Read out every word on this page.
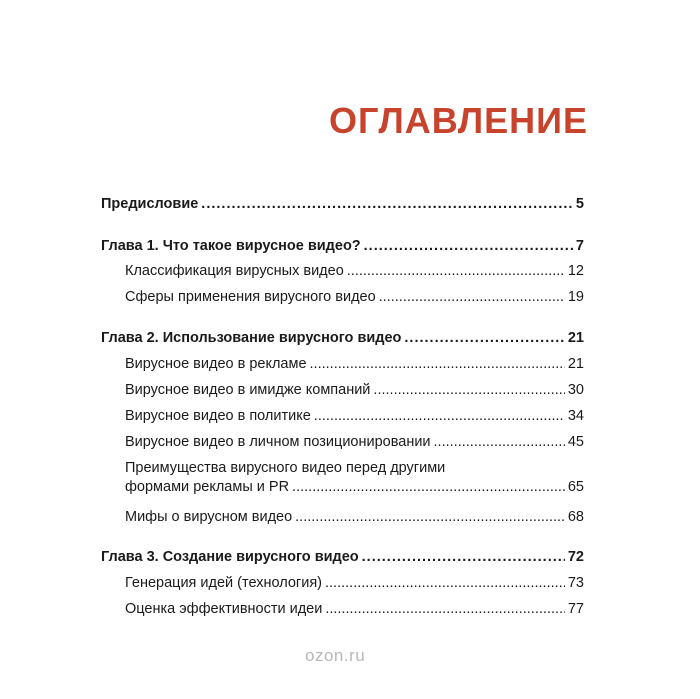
ОГЛАВЛЕНИЕ
Предисловие .....	5
Глава 1. Что такое вирусное видео? .....	7
Классификация вирусных видео .....	12
Сферы применения вирусного видео .....	19
Глава 2. Использование вирусного видео .....	21
Вирусное видео в рекламе .....	21
Вирусное видео в имидже компаний .....	30
Вирусное видео в политике .....	34
Вирусное видео в личном позиционировании .....	45
Преимущества вирусного видео перед другими
формами рекламы и PR .....	65
Мифы о вирусном видео .....	68
Глава 3. Создание вирусного видео .....	72
Генерация идей (технология) .....	73
Оценка эффективности идеи .....	77
ozon.ru
